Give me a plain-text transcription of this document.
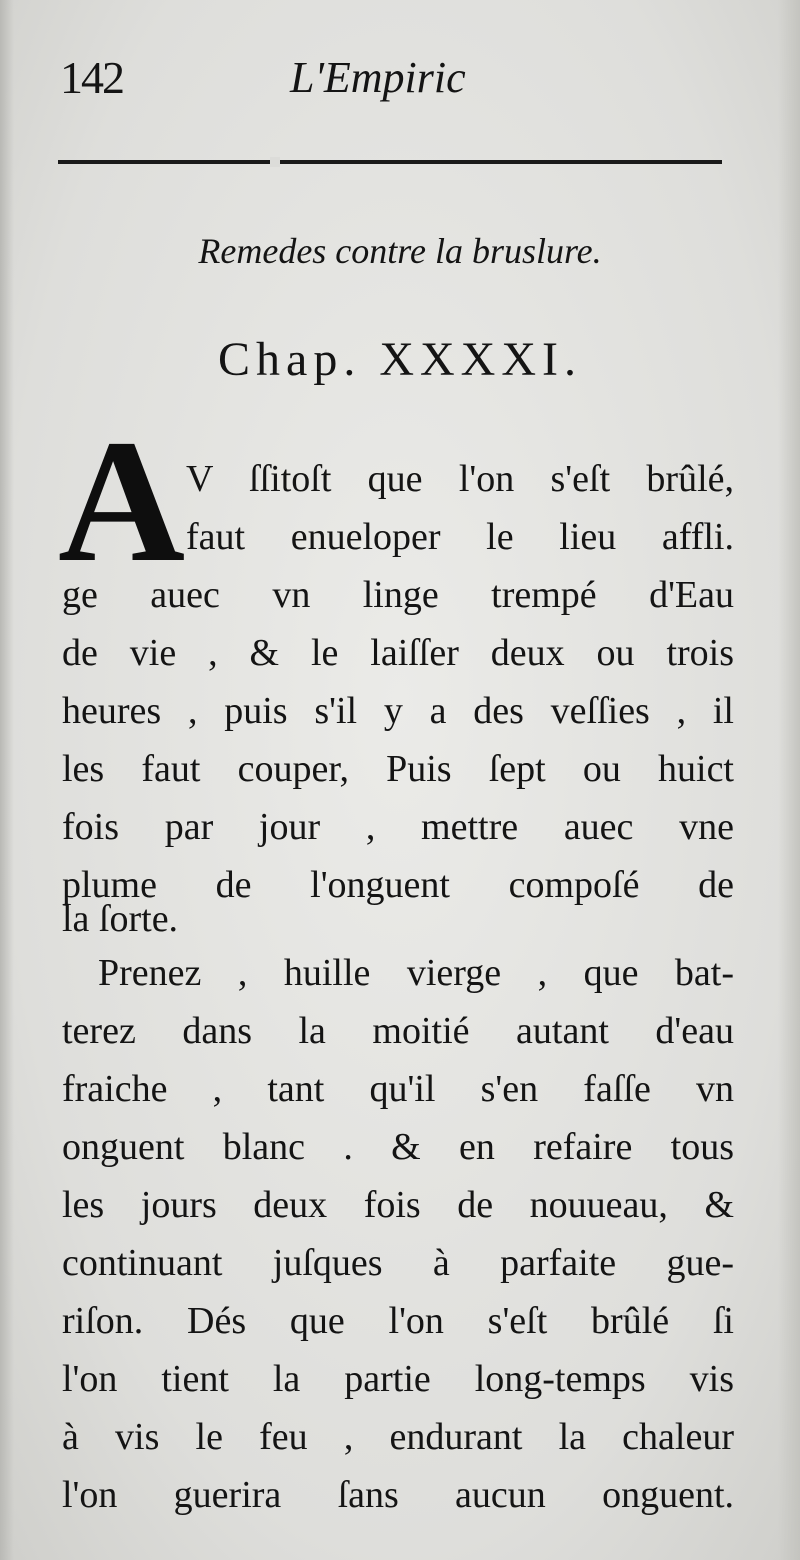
142	L'Empiric
Remedes contre la bruslure.
Chap. XXXXI.
A V ſſitoſt que l'on s'eſt brûlé,
faut enueloper le lieu affli.
ge auec vn linge trempé d'Eau
de vie , & le laiſſer deux ou trois
heures , puis s'il y a des veſſies , il
les faut couper, Puis ſept ou huict
fois par jour , mettre auec vne
plume de l'onguent compoſé de
la ſorte.
Prenez , huille vierge , que bat-
terez dans la moitié autant d'eau
fraiche , tant qu'il s'en faſſe vn
onguent blanc . & en refaire tous
les jours deux fois de nouueau, &
continuant juſques à parfaite gue-
riſon. Dés que l'on s'eſt brûlé ſi
l'on tient la partie long-temps vis
à vis le feu , endurant la chaleur
l'on guerira ſans aucun onguent.
